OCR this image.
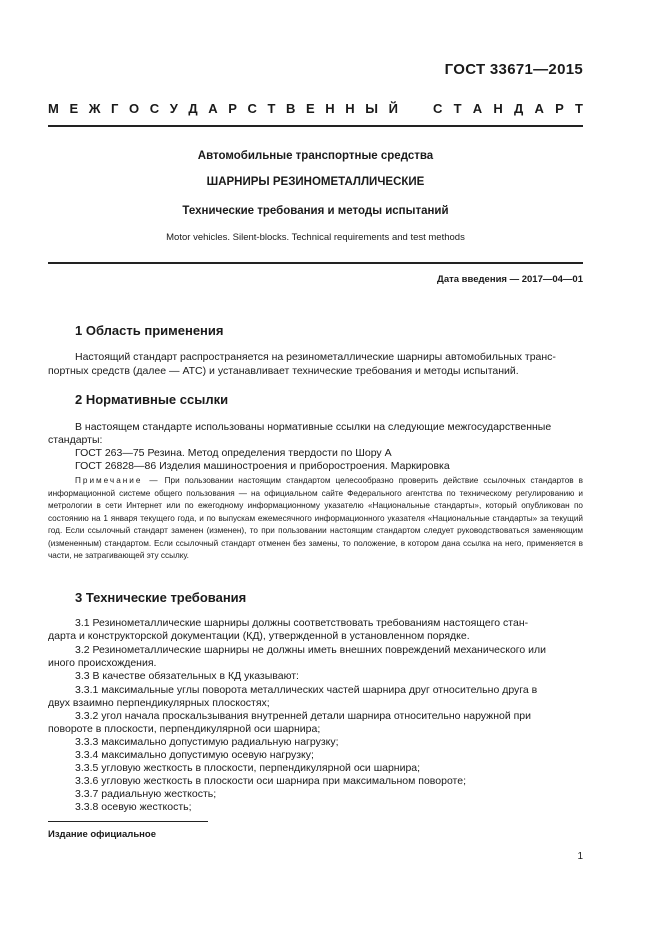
ГОСТ 33671—2015
М Е Ж Г О С У Д А Р С Т В Е Н Н Ы Й	С Т А Н Д А Р Т
Автомобильные транспортные средства
ШАРНИРЫ РЕЗИНОМЕТАЛЛИЧЕСКИЕ
Технические требования и методы испытаний
Motor vehicles. Silent-blocks. Technical requirements and test methods
Дата введения — 2017—04—01
1 Область применения
Настоящий стандарт распространяется на резинометаллические шарниры автомобильных транс-
портных средств (далее — АТС) и устанавливает технические требования и методы испытаний.
2 Нормативные ссылки
В настоящем стандарте использованы нормативные ссылки на следующие межгосударственные
стандарты:
ГОСТ 263—75 Резина. Метод определения твердости по Шору А
ГОСТ 26828—86 Изделия машиностроения и приборостроения. Маркировка
Примечание — При пользовании настоящим стандартом целесообразно проверить действие ссылочных стандартов в информационной системе общего пользования — на официальном сайте Федерального агентства по техническому регулированию и метрологии в сети Интернет или по ежегодному информационному указателю «Национальные стандарты», который опубликован по состоянию на 1 января текущего года, и по выпускам ежемесячного информационного указателя «Национальные стандарты» за текущий год. Если ссылочный стандарт заменен (изменен), то при пользовании настоящим стандартом следует руководствоваться заменяющим (измененным) стандартом. Если ссылочный стандарт отменен без замены, то положение, в котором дана ссылка на него, применяется в части, не затрагивающей эту ссылку.
3 Технические требования
3.1 Резинометаллические шарниры должны соответствовать требованиям настоящего стан-
дарта и конструкторской документации (КД), утвержденной в установленном порядке.
3.2 Резинометаллические шарниры не должны иметь внешних повреждений механического или
иного происхождения.
3.3 В качестве обязательных в КД указывают:
3.3.1 максимальные углы поворота металлических частей шарнира друг относительно друга в
двух взаимно перпендикулярных плоскостях;
3.3.2 угол начала проскальзывания внутренней детали шарнира относительно наружной при
повороте в плоскости, перпендикулярной оси шарнира;
3.3.3 максимально допустимую радиальную нагрузку;
3.3.4 максимально допустимую осевую нагрузку;
3.3.5 угловую жесткость в плоскости, перпендикулярной оси шарнира;
3.3.6 угловую жесткость в плоскости оси шарнира при максимальном повороте;
3.3.7 радиальную жесткость;
3.3.8 осевую жесткость;
Издание официальное
1
